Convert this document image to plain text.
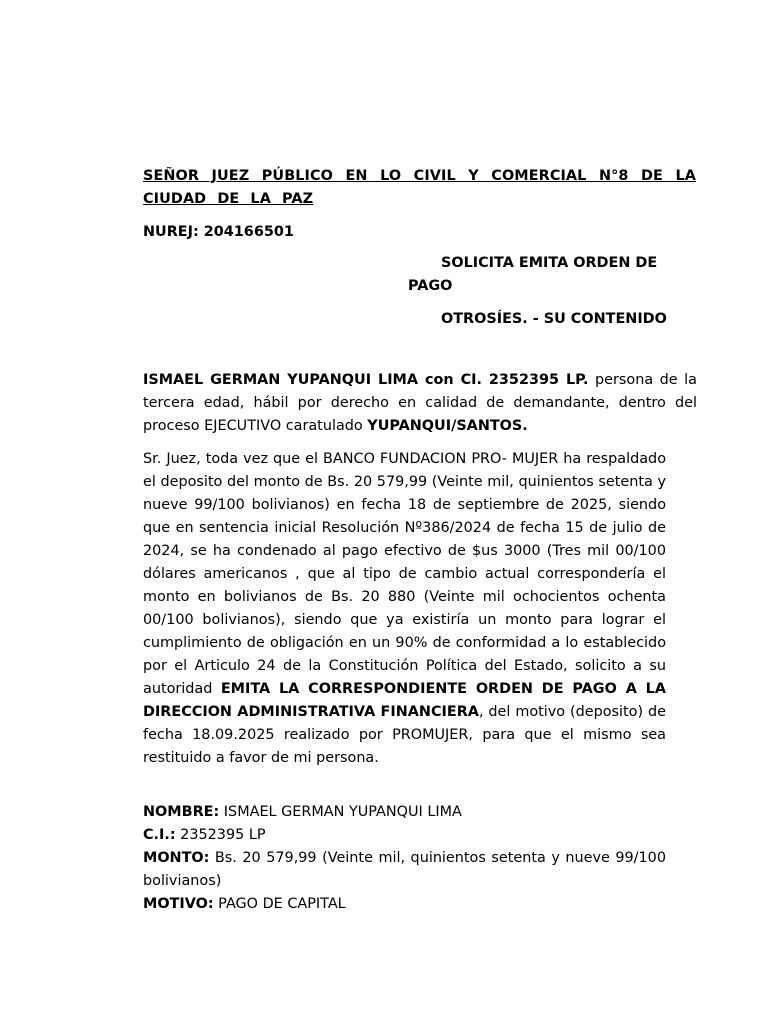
SEÑOR JUEZ PÚBLICO EN LO CIVIL Y COMERCIAL N°8 DE LA CIUDAD DE LA PAZ
NUREJ: 204166501
SOLICITA EMITA ORDEN DE PAGO
OTROSÍES. - SU CONTENIDO
ISMAEL GERMAN YUPANQUI LIMA con CI. 2352395 LP. persona de la tercera edad, hábil por derecho en calidad de demandante, dentro del proceso EJECUTIVO caratulado YUPANQUI/SANTOS.
Sr. Juez, toda vez que el BANCO FUNDACION PRO- MUJER ha respaldado el deposito del monto de Bs. 20 579,99 (Veinte mil, quinientos setenta y nueve 99/100 bolivianos) en fecha 18 de septiembre de 2025, siendo que en sentencia inicial Resolución Nº386/2024 de fecha 15 de julio de 2024, se ha condenado al pago efectivo de $us 3000 (Tres mil 00/100 dólares americanos , que al tipo de cambio actual correspondería el monto en bolivianos de Bs. 20 880 (Veinte mil ochocientos ochenta 00/100 bolivianos), siendo que ya existiría un monto para lograr el cumplimiento de obligación en un 90% de conformidad a lo establecido por el Articulo 24 de la Constitución Política del Estado, solicito a su autoridad EMITA LA CORRESPONDIENTE ORDEN DE PAGO A LA DIRECCION ADMINISTRATIVA FINANCIERA, del motivo (deposito) de fecha 18.09.2025 realizado por PROMUJER, para que el mismo sea restituido a favor de mi persona.
NOMBRE: ISMAEL GERMAN YUPANQUI LIMA
C.I.: 2352395 LP
MONTO: Bs. 20 579,99 (Veinte mil, quinientos setenta y nueve 99/100 bolivianos)
MOTIVO: PAGO DE CAPITAL
